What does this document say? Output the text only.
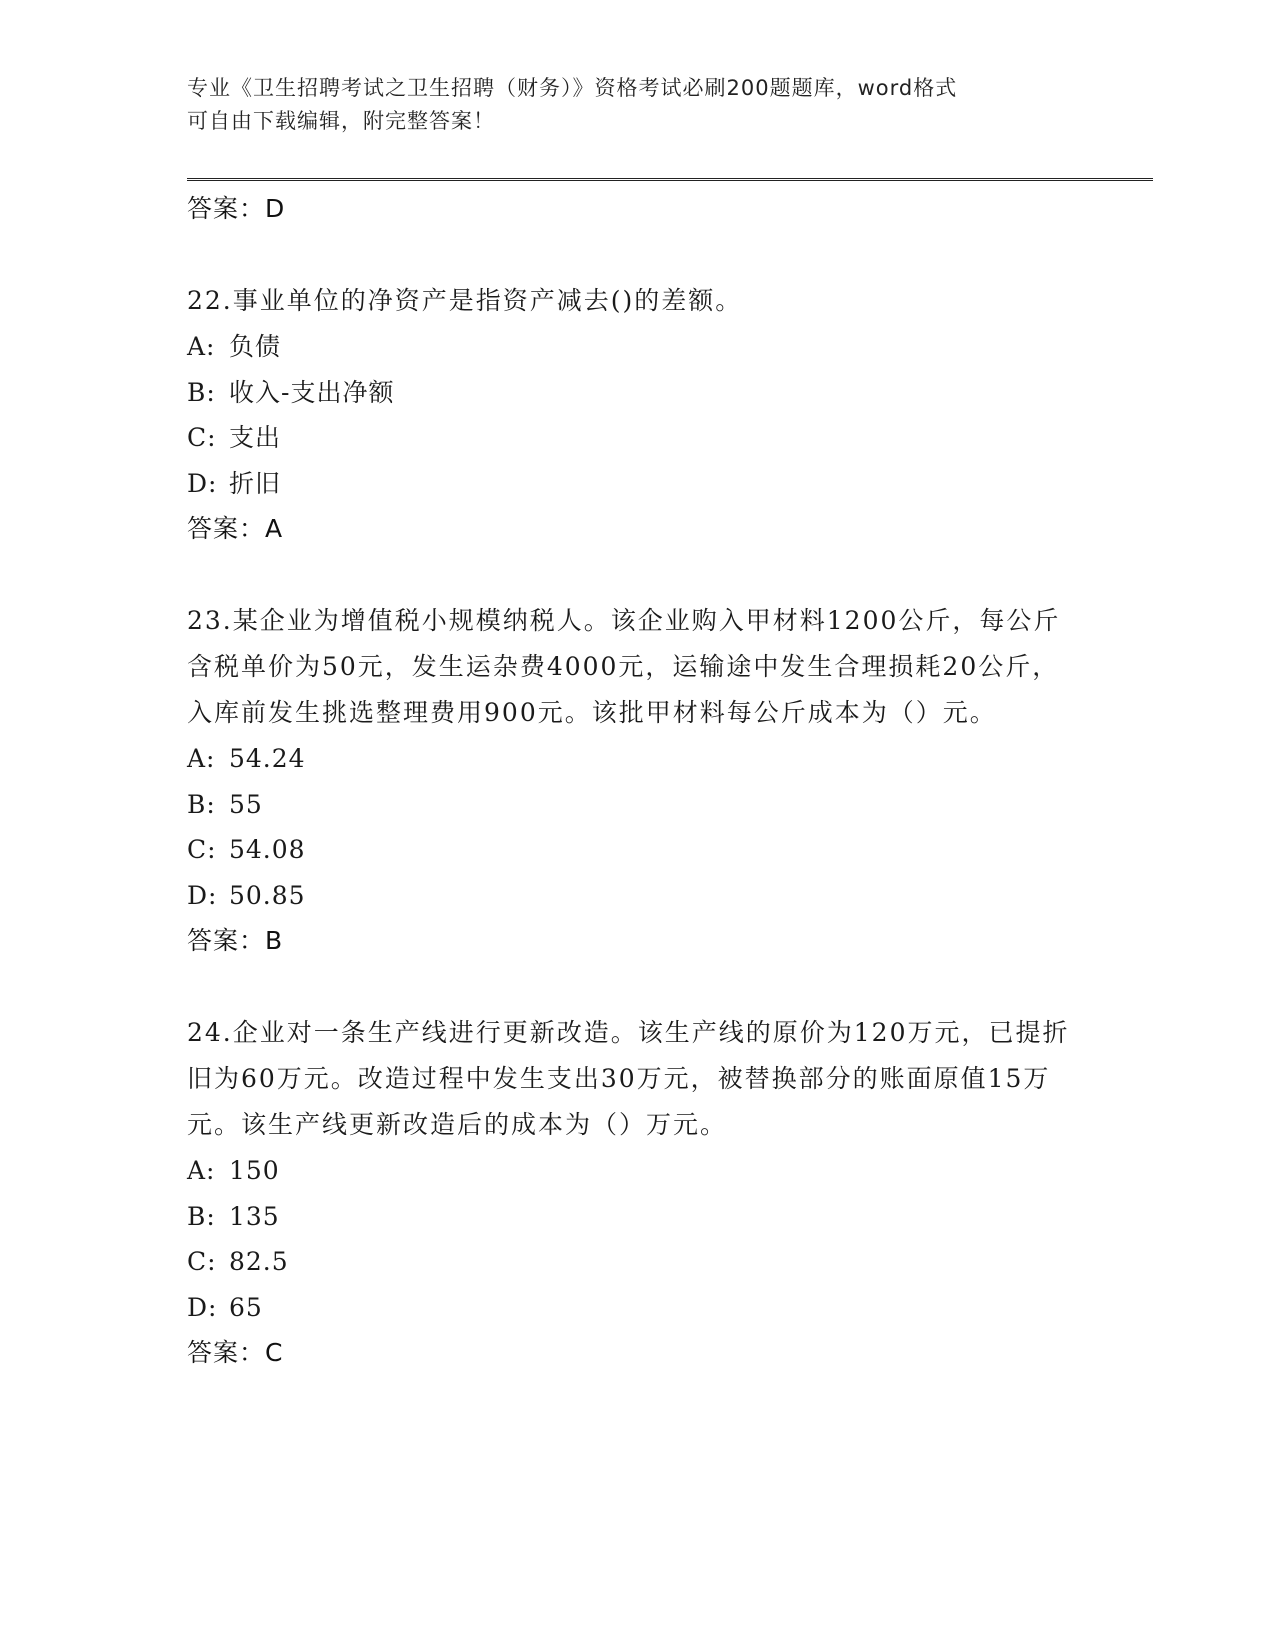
专业《卫生招聘考试之卫生招聘（财务）》资格考试必刷200题题库，word格式
可自由下载编辑，附完整答案！
答案：D
22.事业单位的净资产是指资产减去()的差额。
A: 负债
B: 收入-支出净额
C: 支出
D: 折旧
答案：A
23.某企业为增值税小规模纳税人。该企业购入甲材料1200公斤，每公斤含税单价为50元，发生运杂费4000元，运输途中发生合理损耗20公斤，入库前发生挑选整理费用900元。该批甲材料每公斤成本为（）元。
A: 54.24
B: 55
C: 54.08
D: 50.85
答案：B
24.企业对一条生产线进行更新改造。该生产线的原价为120万元，已提折旧为60万元。改造过程中发生支出30万元，被替换部分的账面原值15万元。该生产线更新改造后的成本为（）万元。
A: 150
B: 135
C: 82.5
D: 65
答案：C
